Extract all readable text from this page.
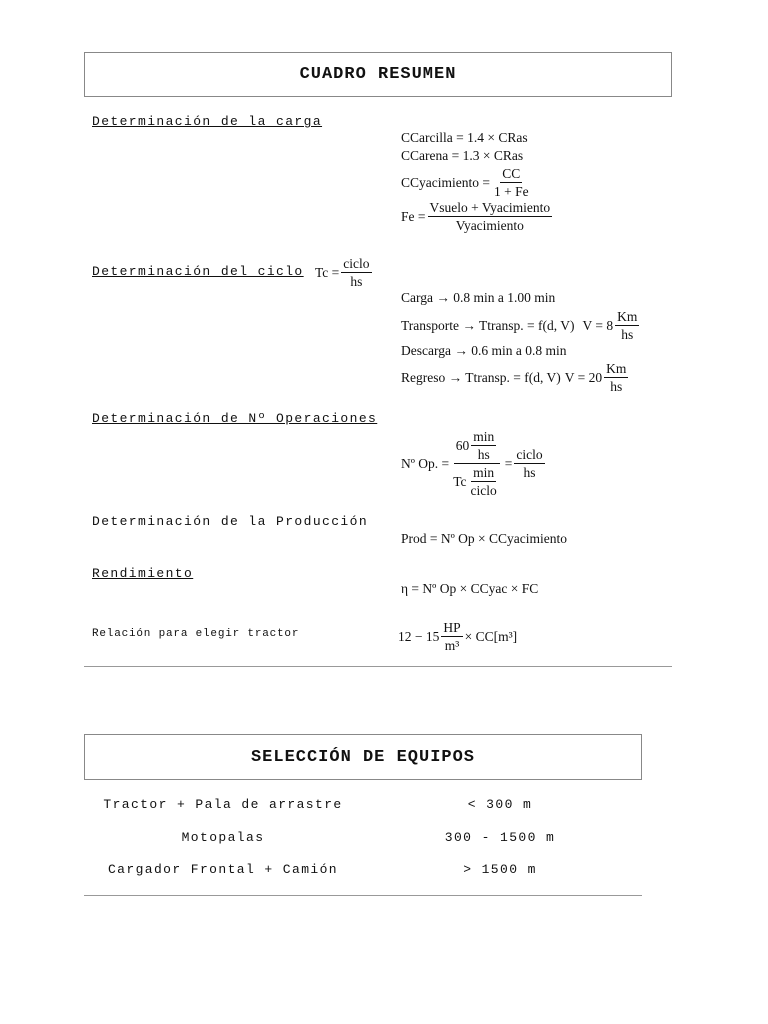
CUADRO RESUMEN
Determinación de la carga
CCarcilla = 1.4 × CRas
CCarena = 1.3 × CRas
CCyacimiento = $\frac{CC}{1 + Fe}$
$Fe = \frac{\text{Vsuelo + Vyacimiento}}{\text{Vyacimiento}}$
Determinación del ciclo $Tc = \frac{\text{ciclo}}{hs}$
Carga → 0.8 min a 1.00 min
Transporte → Ttransp. = f(d, V) $V = 8 \frac{Km}{hs}$
Descarga → 0.6 min a 0.8 min
Regreso → Ttransp. = f(d, V) $V = 20 \frac{Km}{hs}$
Determinación de Nº Operaciones
Nº Op. = $\frac{60 \frac{\min}{hs}}{Tc \frac{\min}{\text{ciclo}}} = \frac{\text{ciclo}}{hs}$
Determinación de la Producción
Prod = Nº Op × CCyacimiento
Rendimiento
η = Nº Op × CCyac × FC
Relación para elegir tractor	$12 - 15 \frac{HP}{\text{m³}} \times CC[m^3]$
SELECCIÓN DE EQUIPOS
Tractor + Pala de arrastre	< 300 m
Motopalas	300 - 1500 m
Cargador Frontal + Camión	> 1500 m
